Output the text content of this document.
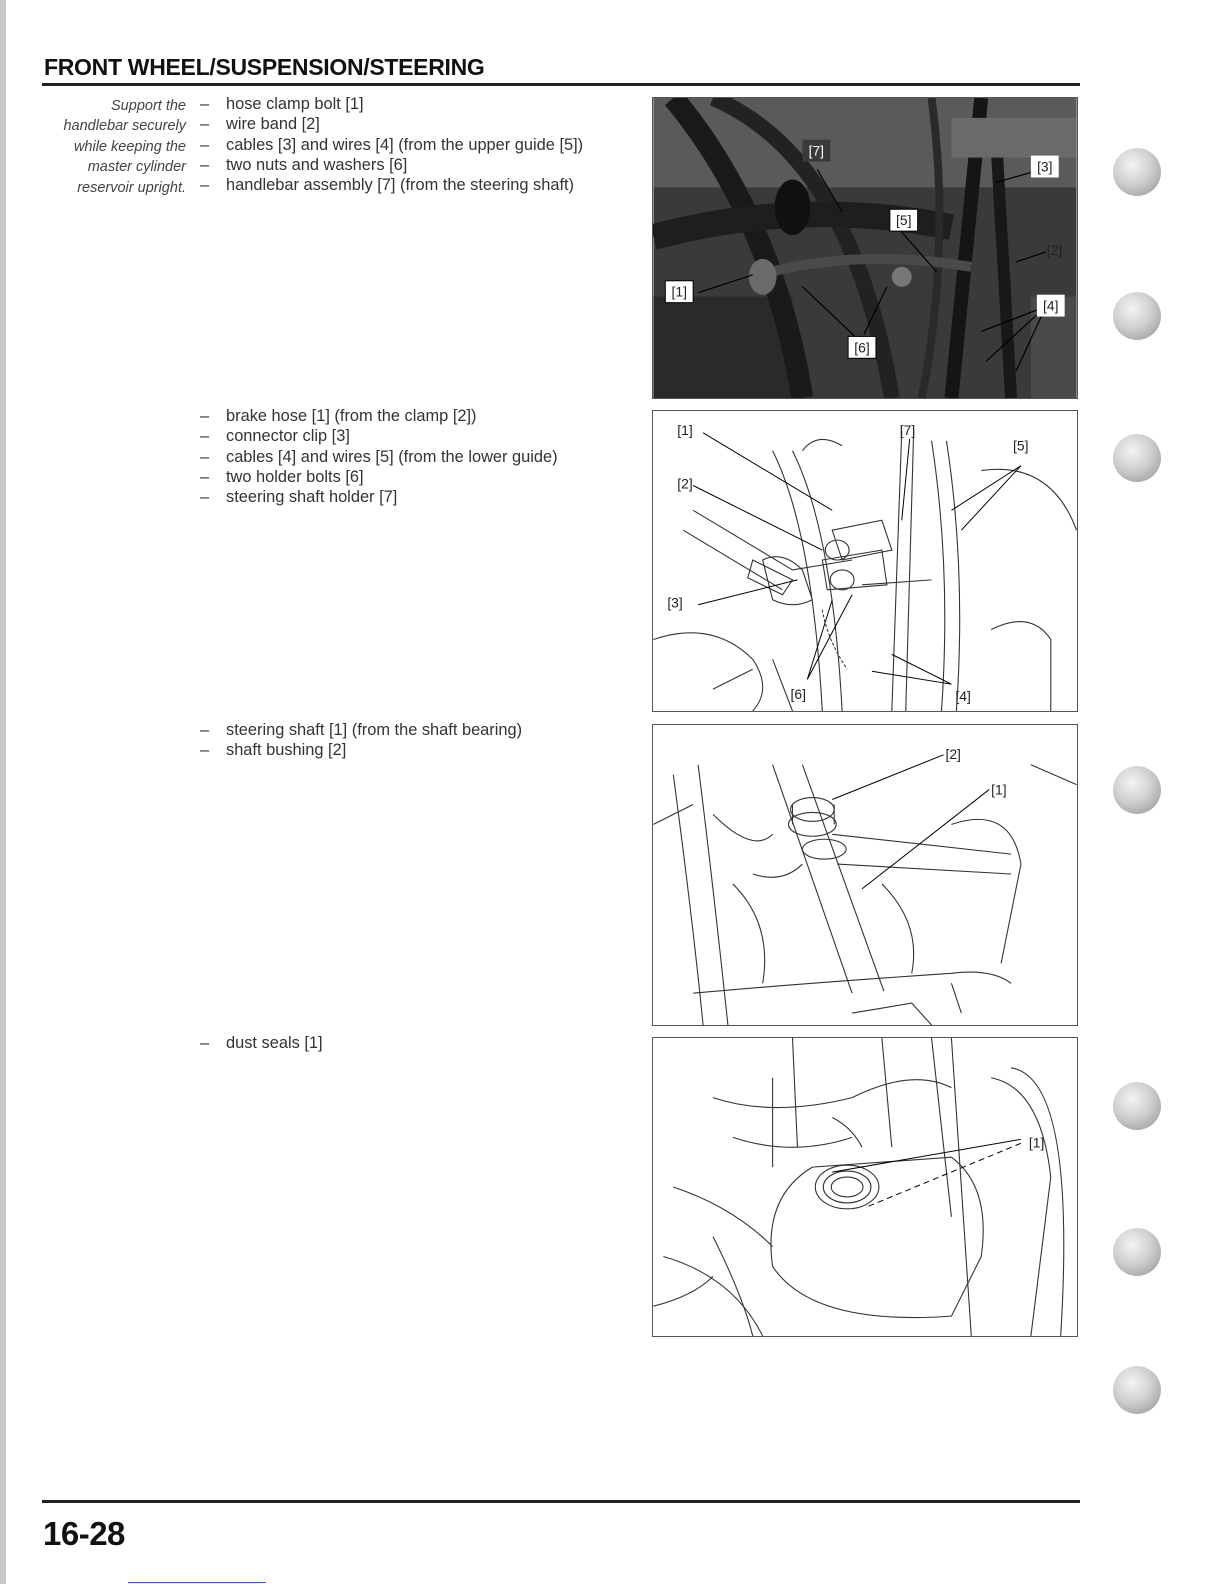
FRONT WHEEL/SUSPENSION/STEERING
Support the
handlebar securely
while keeping the
master cylinder
reservoir upright.
– hose clamp bolt [1]
– wire band [2]
– cables [3] and wires [4] (from the upper guide [5])
– two nuts and washers [6]
– handlebar assembly [7] (from the steering shaft)
– brake hose [1] (from the clamp [2])
– connector clip [3]
– cables [4] and wires [5] (from the lower guide)
– two holder bolts [6]
– steering shaft holder [7]
– steering shaft [1] (from the shaft bearing)
– shaft bushing [2]
– dust seals [1]
[1]
[2]
[3]
[4]
[5]
[6]
[7]
[1]
[2]
[3]
[4]
[5]
[6]
[7]
[2]
[1]
[1]
16-28
